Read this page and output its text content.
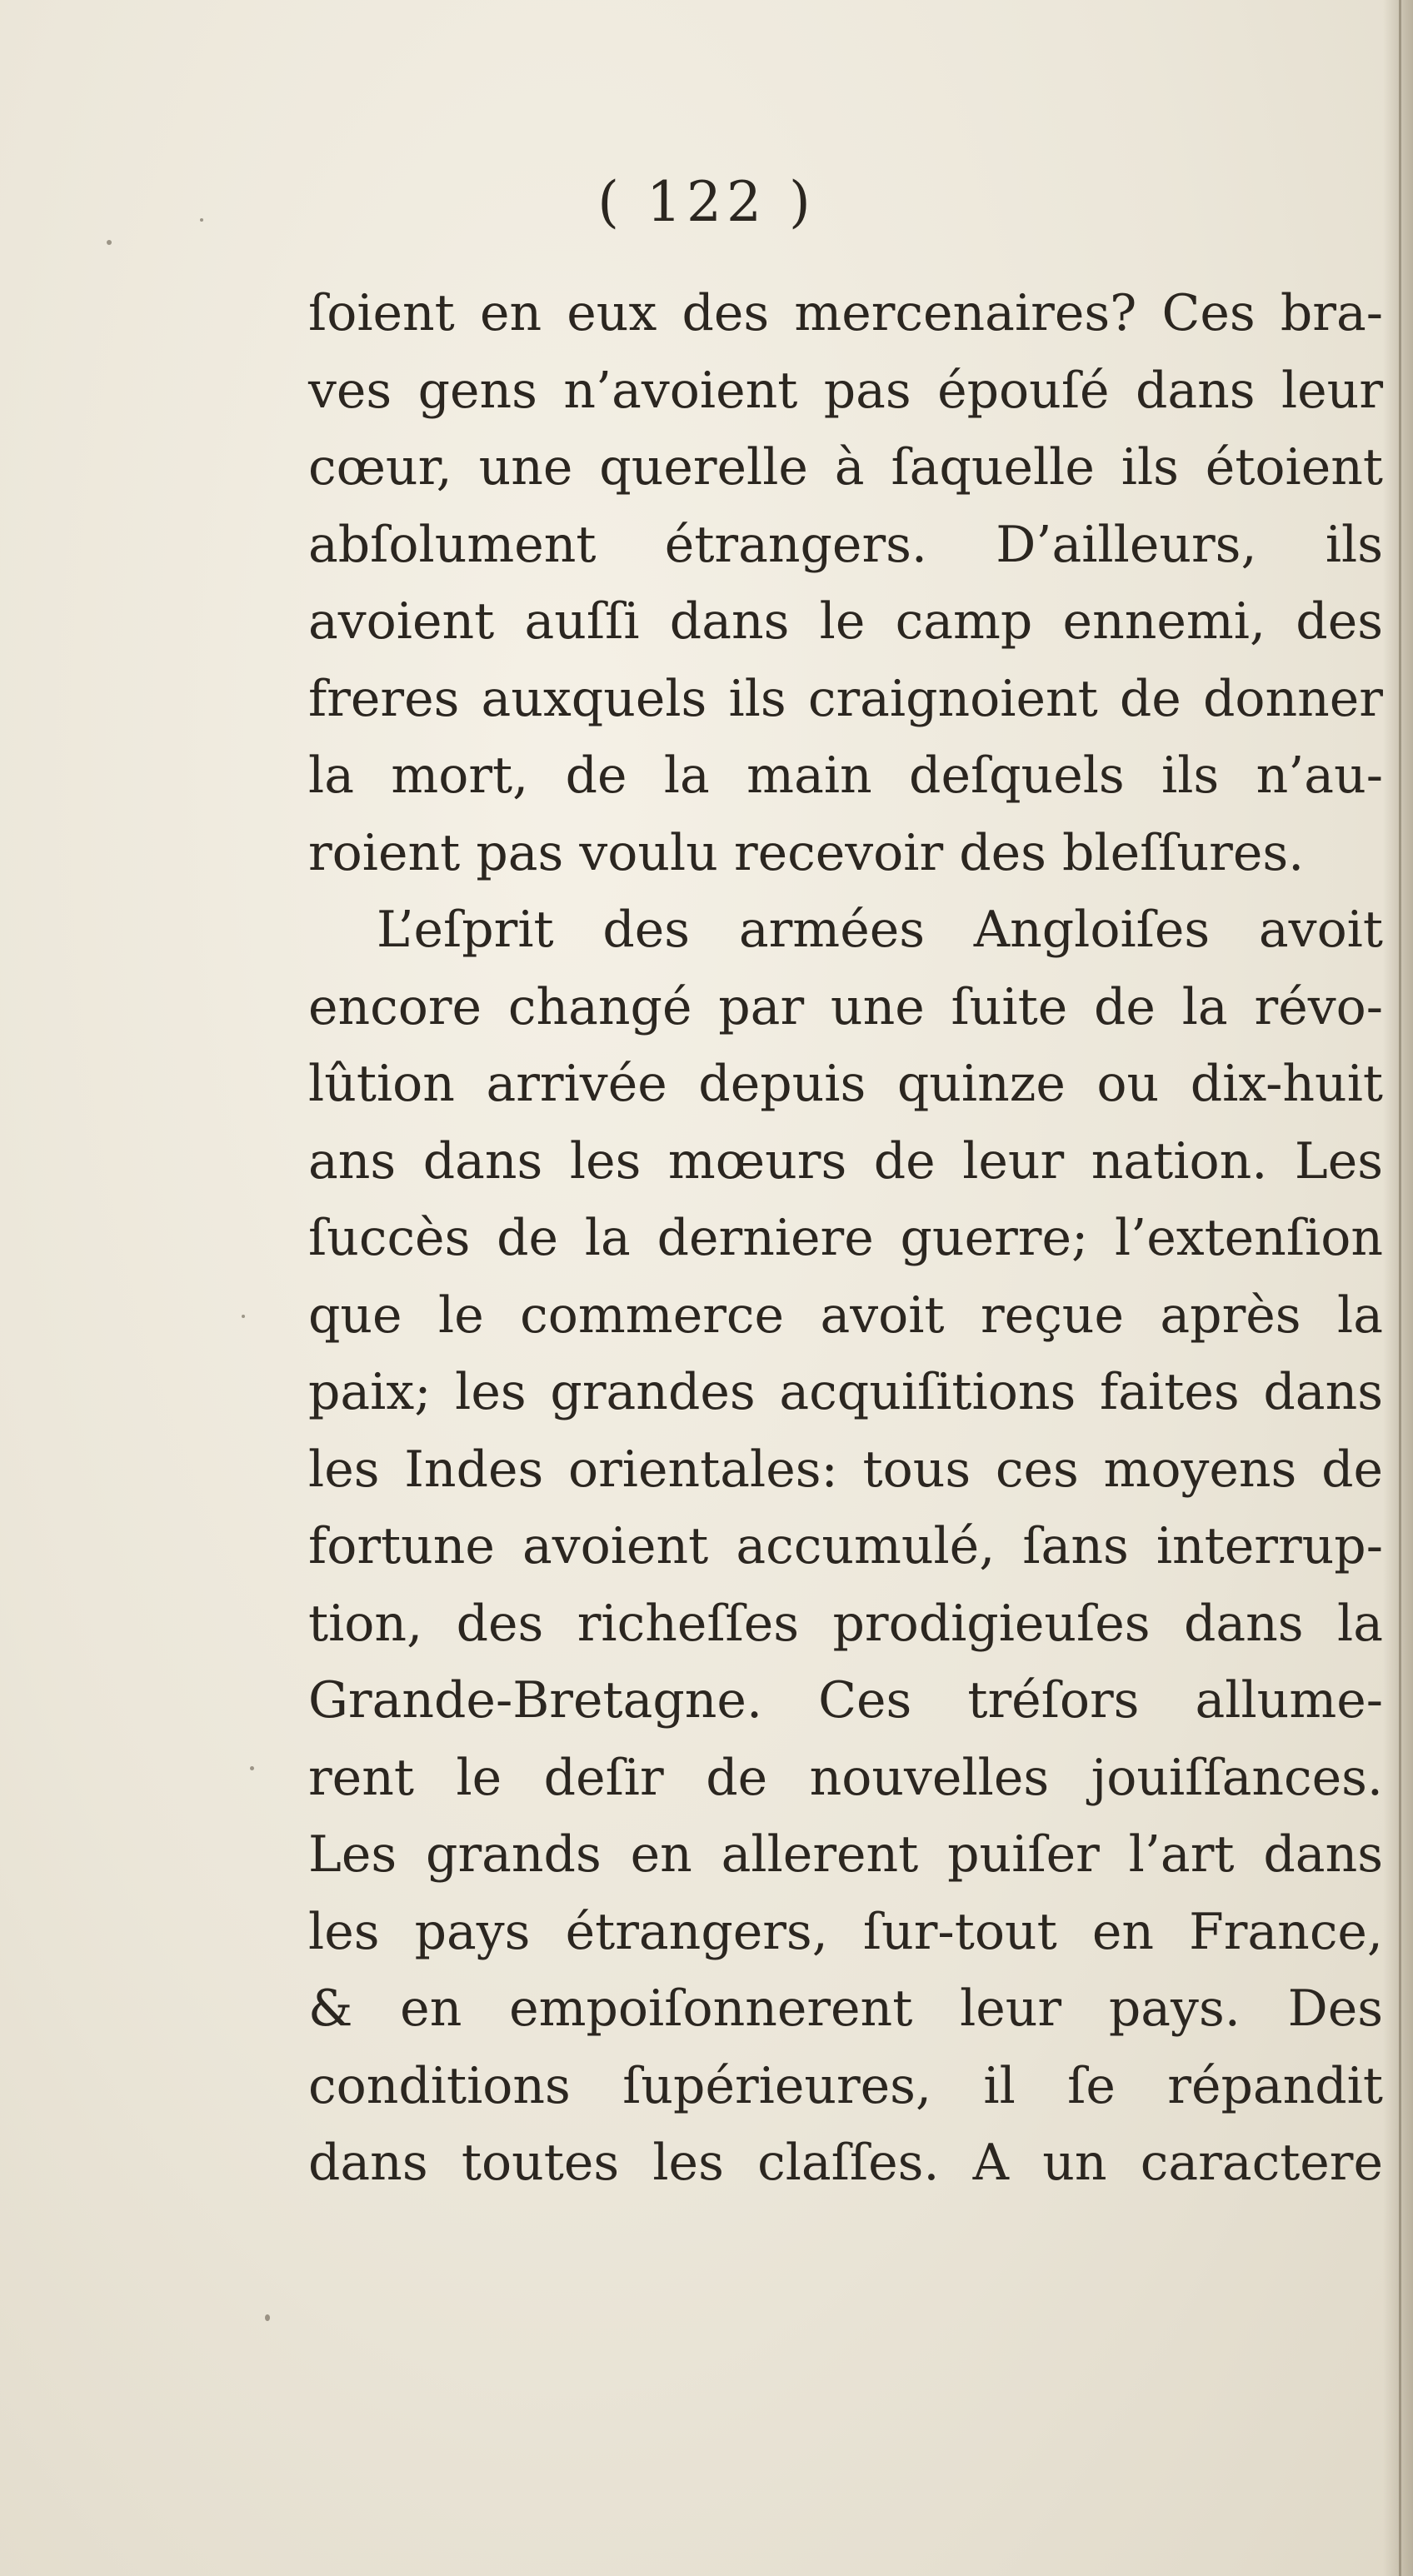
( 122 )
ſoient en eux des mercenaires? Ces bra-
ves gens n’avoient pas épouſé dans leur
cœur, une querelle à ſaquelle ils étoient
abſolument étrangers. D’ailleurs, ils
avoient auſſi dans le camp ennemi, des
freres auxquels ils craignoient de donner
la mort, de la main deſquels ils n’au-
roient pas voulu recevoir des bleſſures.
L’eſprit des armées Angloiſes avoit
encore changé par une ſuite de la révo-
lûtion arrivée depuis quinze ou dix-huit
ans dans les mœurs de leur nation. Les
ſuccès de la derniere guerre; l’extenſion
que le commerce avoit reçue après la
paix; les grandes acquiſitions faites dans
les Indes orientales: tous ces moyens de
fortune avoient accumulé, ſans interrup-
tion, des richeſſes prodigieuſes dans la
Grande-Bretagne. Ces tréſors allume-
rent le deſir de nouvelles jouiſſances.
Les grands en allerent puiſer l’art dans
les pays étrangers, ſur-tout en France,
& en empoiſonnerent leur pays. Des
conditions ſupérieures, il ſe répandit
dans toutes les claſſes. A un caractere
